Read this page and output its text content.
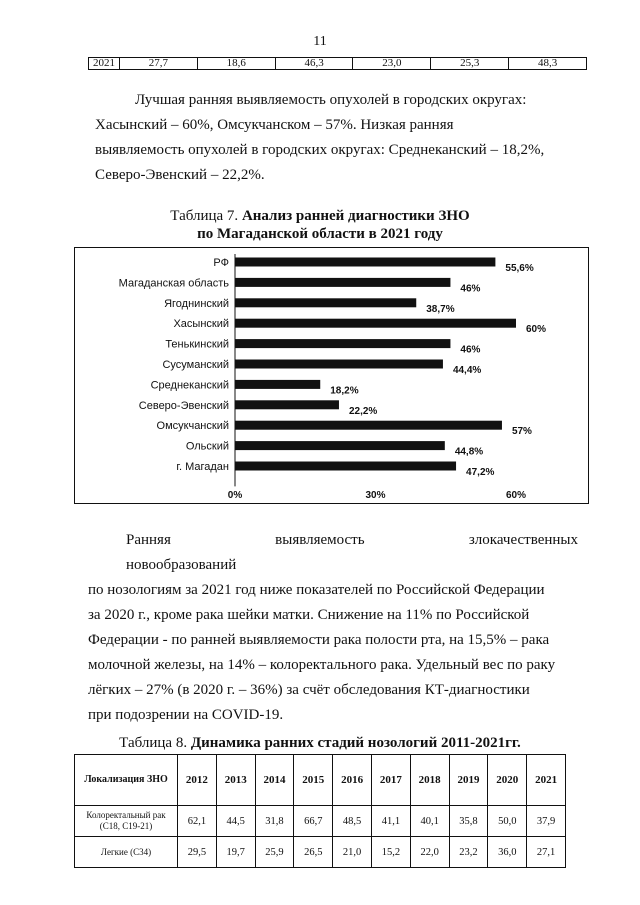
11
2021	27,7	18,6	46,3	23,0	25,3	48,3
Лучшая ранняя выявляемость опухолей в городских округах:
Хасынский – 60%, Омсукчанском – 57%. Низкая ранняя
выявляемость опухолей в городских округах: Среднеканский – 18,2%,
Северо-Эвенский – 22,2%.
Таблица 7. Анализ ранней диагностики ЗНО
по Магаданской области в 2021 году
РФ	55,6%
Магаданская область	46%
Ягоднинский	38,7%
Хасынский	60%
Тенькинский	46%
Сусуманский	44,4%
Среднеканский	18,2%
Северо-Эвенский	22,2%
Омсукчанский	57%
Ольский	44,8%
г. Магадан	47,2%
0%	30%	60%
Ранняя выявляемость злокачественных новообразований
по нозологиям за 2021 год ниже показателей по Российской Федерации
за 2020 г., кроме рака шейки матки. Снижение на 11% по Российской
Федерации - по ранней выявляемости рака полости рта, на 15,5% – рака
молочной железы, на 14% – колоректального рака. Удельный вес по раку
лёгких – 27% (в 2020 г. – 36%) за счёт обследования КТ-диагностики
при подозрении на COVID-19.
Таблица 8. Динамика ранних стадий нозологий 2011-2021гг.
Локализация ЗНО	2012	2013	2014	2015	2016	2017	2018	2019	2020	2021
Колоректальный рак (С18, С19-21)	62,1	44,5	31,8	66,7	48,5	41,1	40,1	35,8	50,0	37,9
Легкие (С34)	29,5	19,7	25,9	26,5	21,0	15,2	22,0	23,2	36,0	27,1
